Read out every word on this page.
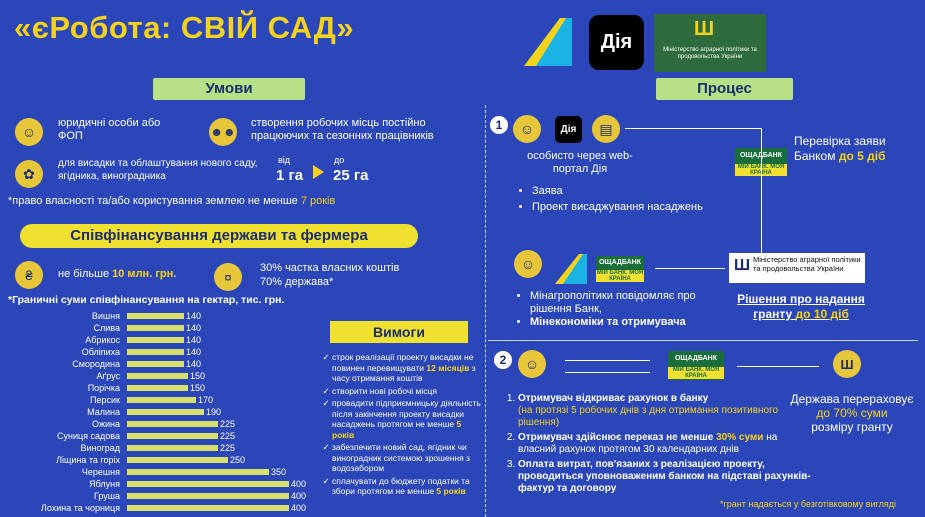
«єРобота: СВІЙ САД»	Дія
Ш
Міністерство аграрної політики та продовольства України
Умови
☺
юридичні особи або ФОП	☻☻
створення робочих місць постійно працюючих та сезонних працівників
✿
для висадки та облаштування нового саду, ягідника, виноградника
від
1 га
до
25 га
*право власності та/або користування землею не менше 7 років
Співфінансування держави та фермера
₴ не більше 10 млн. грн.	¤
30% частка власних коштів
70% держава*
*Граничні суми співфінансування на гектар, тис. грн.
Вишня	140
Слива	140
Абрикос	140
Обліпиха	140
Смородина	140
Аґрус	150
Порічка	150
Персик	170
Малина	190
Ожина	225
Суниця садова	225
Виноград	225
Ліщина та горіх	250
Черешня	350
Яблуня	400
Груша	400
Лохина та чорниця	400
Вимоги
✓ строк реалізації проекту висадки не повинен перевищувати 12 місяців з часу отримання коштів
✓ створити нові робочі місця
✓ провадити підприємницьку діяльність після закінчення проекту висадки насаджень протягом не менше 5 років
✓ забезпечити новий сад, ягідник чи виноградник системою зрошення з водозабором
✓ сплачувати до бюджету податки та збори протягом не менше 5 років
Процес
1	☺	Дія	▤
особисто через web-портал Дія
ОЩАДБАНК
МІЙ БАНК. МОЯ КРАЇНА
Перевірка заяви Банком до 5 діб
• Заява
• Проект висаджування насаджень
☺	ОЩАДБАНК
МІЙ БАНК. МОЯ КРАЇНА
Ш Міністерство аграрної політики та продовольства України
Рішення про надання гранту до 10 діб
• Мінагрополітики повідомляє про рішення Банк,
• Мінекономіки та отримувача
2	☺	ОЩАДБАНК
МІЙ БАНК. МОЯ КРАЇНА
Ш
1. Отримувач відкриває рахунок в банку
(на протязі 5 робочих днів з дня отримання позитивного рішення)
2. Отримувач здійснює переказ не менше 30% суми на власний рахунок протягом 30 календарних днів
3. Оплата витрат, пов'язаних з реалізацією проекту, проводиться уповноваженим банком на підставі рахунків-фактур та договору
Держава перераховує
до 70% суми
розміру гранту
*грант надається у безготівковому вигляді
